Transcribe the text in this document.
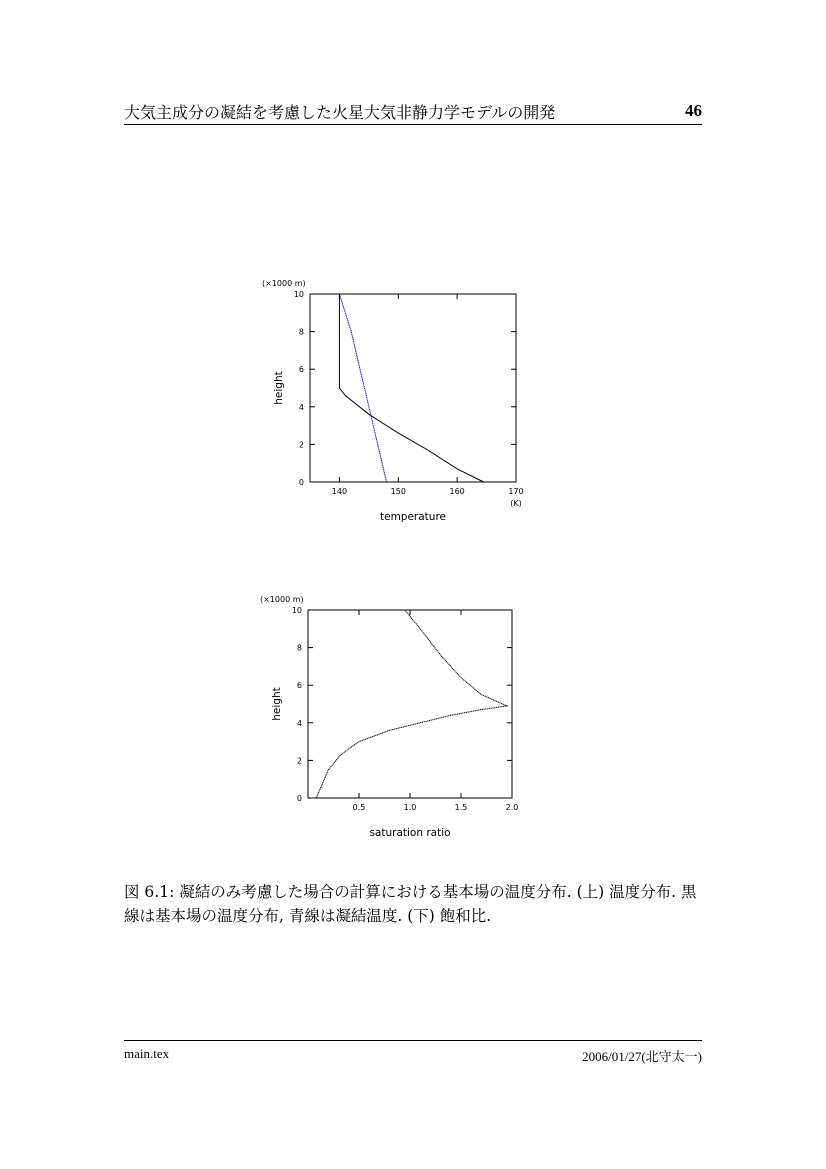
大気主成分の凝結を考慮した火星大気非静力学モデルの開発	46
140	150	160	170
0
2
4
6
8
10
(×1000 m)
(K)
temperature
height
0.5	1.0	1.5	2.0
0
2
4
6
8
10
(×1000 m)
saturation ratio
height
図 6.1: 凝結のみ考慮した場合の計算における基本場の温度分布. (上) 温度分布. 黒
線は基本場の温度分布, 青線は凝結温度. (下) 飽和比.
main.tex	2006/01/27(北守太一)
